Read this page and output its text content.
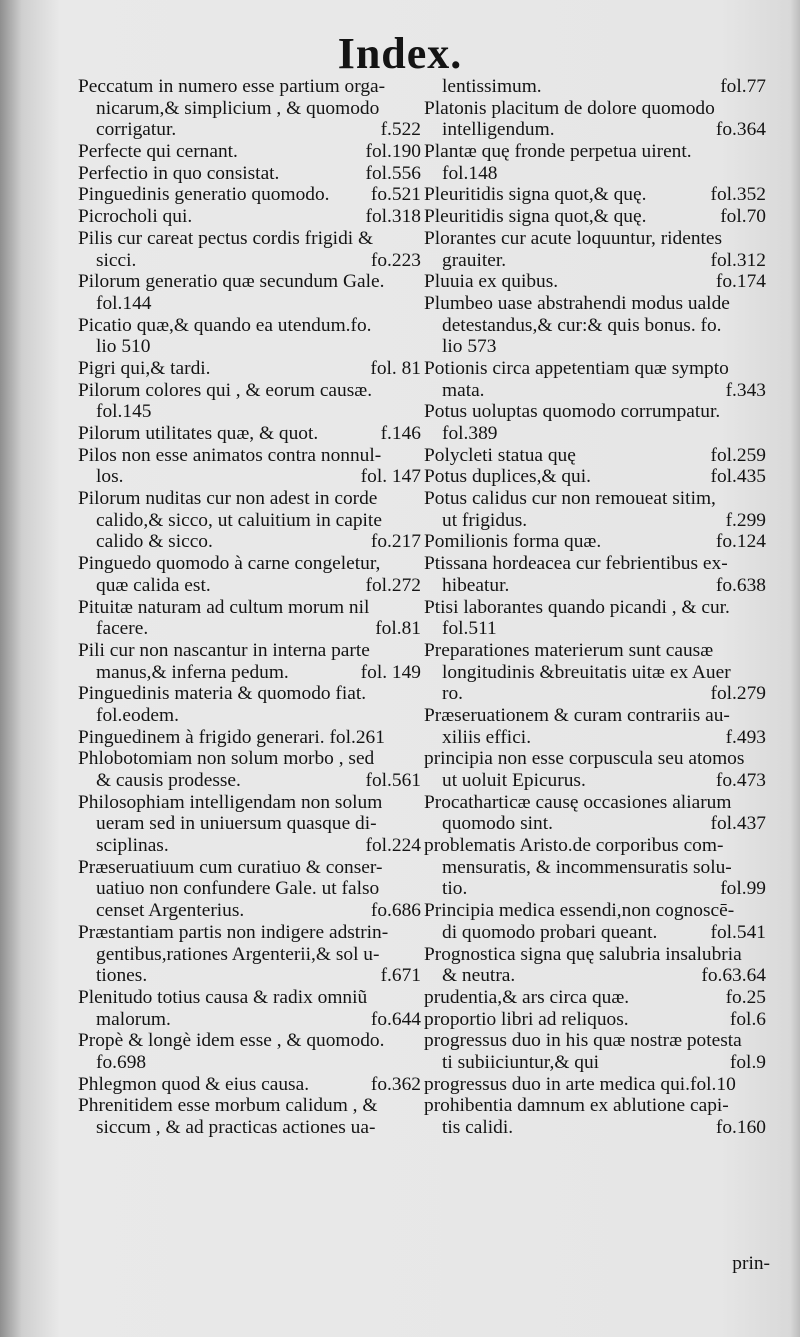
Index.
Peccatum in numero esse partium orga-
nicarum,& simplicium , & quomodo
corrigatur.	f.522
Perfecte qui cernant.	fol.190
Perfectio in quo consistat.	fol.556
Pinguedinis generatio quomodo. fo.521
Picrocholi qui.	fol.318
Pilis cur careat pectus cordis frigidi &
sicci.	fo.223
Pilorum generatio quæ secundum Gale.
fol.144
Picatio quæ,& quando ea utendum.fo.
lio 510
Pigri qui,& tardi.	fol. 81
Pilorum colores qui , & eorum causæ.
fol.145
Pilorum utilitates quæ, & quot.	f.146
Pilos non esse animatos contra nonnul-
los.	fol. 147
Pilorum nuditas cur non adest in corde
calido,& sicco, ut caluitium in capite
calido & sicco.	fo.217
Pinguedo quomodo à carne congeletur,
quæ calida est.	fol.272
Pituitæ naturam ad cultum morum nil
facere.	fol.81
Pili cur non nascantur in interna parte
manus,& inferna pedum.	fol. 149
Pinguedinis materia & quomodo fiat.
fol.eodem.
Pinguedinem à frigido generari. fol.261
Phlobotomiam non solum morbo , sed
& causis prodesse.	fol.561
Philosophiam intelligendam non solum
ueram sed in uniuersum quasque di-
sciplinas.	fol.224
Præseruatiuum cum curatiuo & conser-
uatiuo non confundere Gale. ut falso
censet Argenterius.	fo.686
Præstantiam partis non indigere adstrin-
gentibus,rationes Argenterii,& sol u-
tiones.	f.671
Plenitudo totius causa & radix omniũ
malorum.	fo.644
Propè & longè idem esse , & quomodo.
fo.698
Phlegmon quod & eius causa.	fo.362
Phrenitidem esse morbum calidum , &
siccum , & ad practicas actiones ua-
lentissimum.	fol.77
Platonis placitum de dolore quomodo
intelligendum.	fo.364
Plantæ quę fronde perpetua uirent.
fol.148
Pleuritidis signa quot,& quę.	fol.352
Pleuritidis signa quot,& quę.	fol.70
Plorantes cur acute loquuntur, ridentes
grauiter.	fol.312
Pluuia ex quibus.	fo.174
Plumbeo uase abstrahendi modus ualde
detestandus,& cur:& quis bonus. fo.
lio 573
Potionis circa appetentiam quæ sympto
mata.	f.343
Potus uoluptas quomodo corrumpatur.
fol.389
Polycleti statua quę	fol.259
Potus duplices,& qui.	fol.435
Potus calidus cur non remoueat sitim,
ut frigidus.	f.299
Pomilionis forma quæ.	fo.124
Ptissana hordeacea cur febrientibus ex-
hibeatur.	fo.638
Ptisi laborantes quando picandi , & cur.
fol.511
Preparationes materierum sunt causæ
longitudinis &breuitatis uitæ ex Auer
ro.	fol.279
Præseruationem & curam contrariis au-
xiliis effici.	f.493
principia non esse corpuscula seu atomos
ut uoluit Epicurus.	fo.473
Procatharticæ causę occasiones aliarum
quomodo sint.	fol.437
problematis Aristo.de corporibus com-
mensuratis, & incommensuratis solu-
tio.	fol.99
Principia medica essendi,non cognoscē-
di quomodo probari queant.	fol.541
Prognostica signa quę salubria insalubria
& neutra.	fo.63.64
prudentia,& ars circa quæ.	fo.25
proportio libri ad reliquos.	fol.6
progressus duo in his quæ nostræ potesta
ti subiiciuntur,& qui	fol.9
progressus duo in arte medica qui.fol.10
prohibentia damnum ex ablutione capi-
tis calidi.	fo.160
prin-
